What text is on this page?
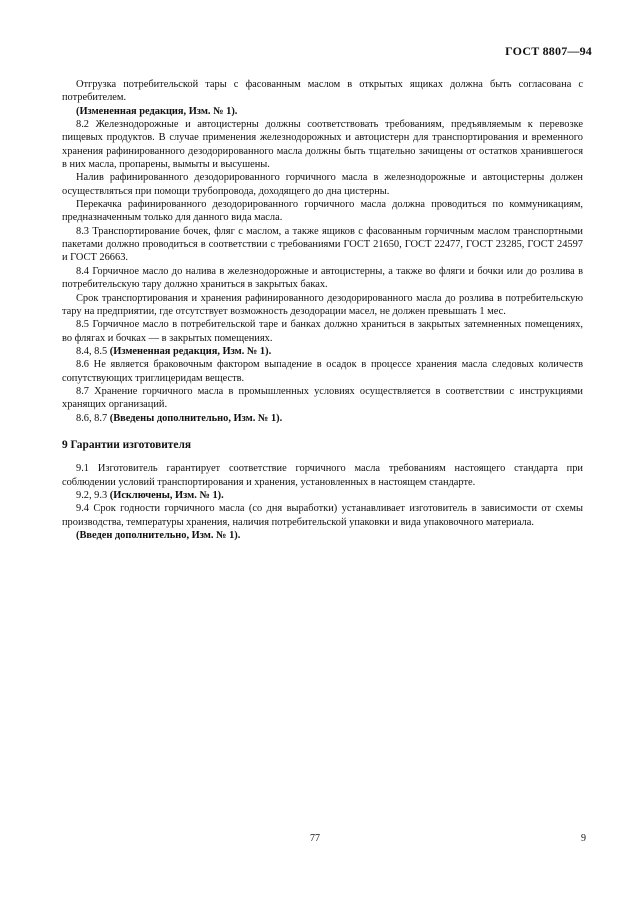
ГОСТ 8807—94

Отгрузка потребительской тары с фасованным маслом в открытых ящиках должна быть согласована с потребителем.

(Измененная редакция, Изм. № 1).

8.2 Железнодорожные и автоцистерны должны соответствовать требованиям, предъявляемым к перевозке пищевых продуктов. В случае применения железнодорожных и автоцистерн для транспортирования и временного хранения рафинированного дезодорированного масла должны быть тщательно зачищены от остатков хранившегося в них масла, пропарены, вымыты и высушены.

Налив рафинированного дезодорированного горчичного масла в железнодорожные и автоцистерны должен осуществляться при помощи трубопровода, доходящего до дна цистерны.

Перекачка рафинированного дезодорированного горчичного масла должна проводиться по коммуникациям, предназначенным только для данного вида масла.

8.3 Транспортирование бочек, фляг с маслом, а также ящиков с фасованным горчичным маслом транспортными пакетами должно проводиться в соответствии с требованиями ГОСТ 21650, ГОСТ 22477, ГОСТ 23285, ГОСТ 24597 и ГОСТ 26663.

8.4 Горчичное масло до налива в железнодорожные и автоцистерны, а также во фляги и бочки или до розлива в потребительскую тару должно храниться в закрытых баках.

Срок транспортирования и хранения рафинированного дезодорированного масла до розлива в потребительскую тару на предприятии, где отсутствует возможность дезодорации масел, не должен превышать 1 мес.

8.5 Горчичное масло в потребительской таре и банках должно храниться в закрытых затемненных помещениях, во флягах и бочках — в закрытых помещениях.

8.4, 8.5 (Измененная редакция, Изм. № 1).

8.6 Не является браковочным фактором выпадение в осадок в процессе хранения масла следовых количеств сопутствующих триглицеридам веществ.

8.7 Хранение горчичного масла в промышленных условиях осуществляется в соответствии с инструкциями хранящих организаций.

8.6, 8.7 (Введены дополнительно, Изм. № 1).

9 Гарантии изготовителя

9.1 Изготовитель гарантирует соответствие горчичного масла требованиям настоящего стандарта при соблюдении условий транспортирования и хранения, установленных в настоящем стандарте.

9.2, 9.3 (Исключены, Изм. № 1).

9.4 Срок годности горчичного масла (со дня выработки) устанавливает изготовитель в зависимости от схемы производства, температуры хранения, наличия потребительской упаковки и вида упаковочного материала.

(Введен дополнительно, Изм. № 1).

77	9
